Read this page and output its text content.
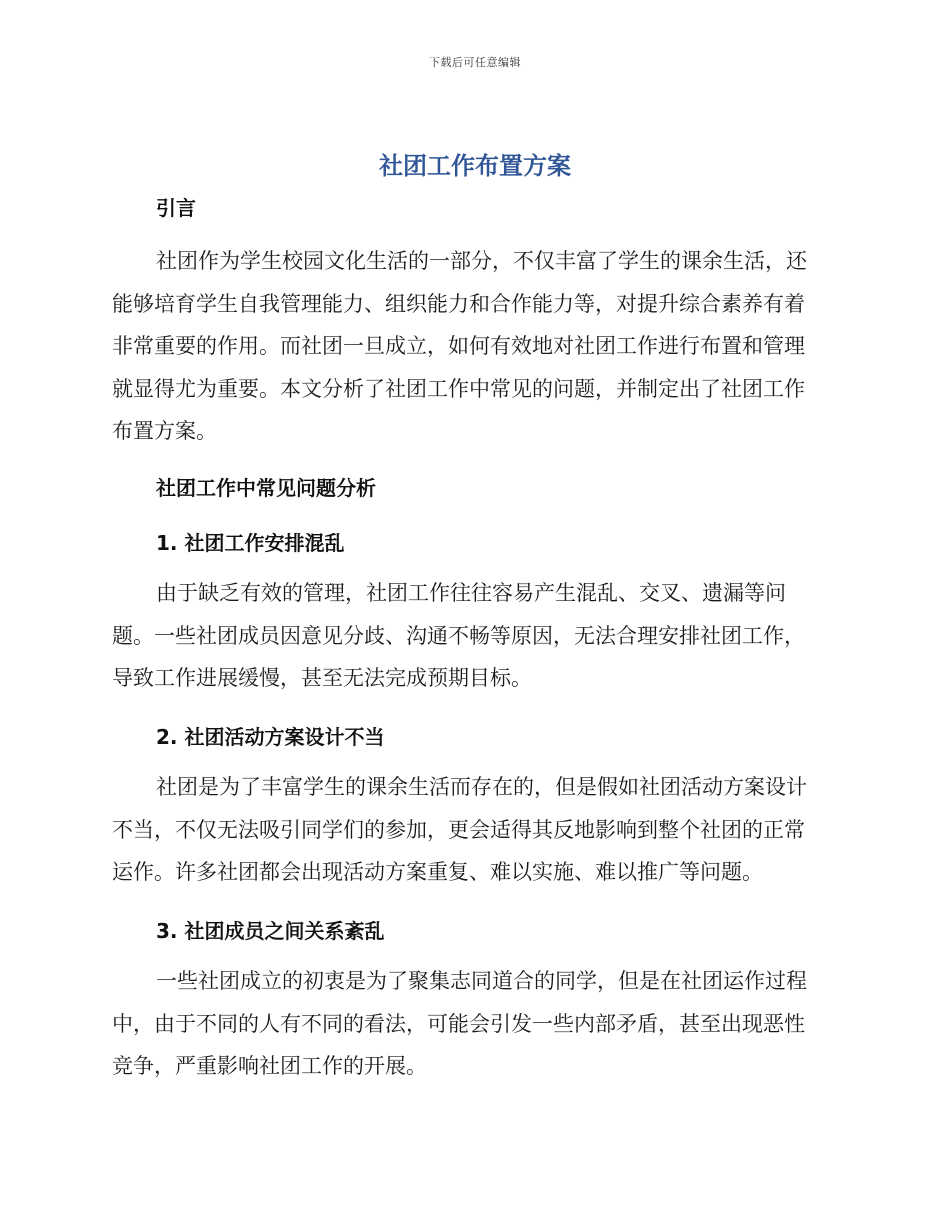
下载后可任意编辑
社团工作布置方案
引言
社团作为学生校园文化生活的一部分，不仅丰富了学生的课余生活，还
能够培育学生自我管理能力、组织能力和合作能力等，对提升综合素养有着
非常重要的作用。而社团一旦成立，如何有效地对社团工作进行布置和管理
就显得尤为重要。本文分析了社团工作中常见的问题，并制定出了社团工作
布置方案。
社团工作中常见问题分析
1. 社团工作安排混乱
由于缺乏有效的管理，社团工作往往容易产生混乱、交叉、遗漏等问
题。一些社团成员因意见分歧、沟通不畅等原因，无法合理安排社团工作，
导致工作进展缓慢，甚至无法完成预期目标。
2. 社团活动方案设计不当
社团是为了丰富学生的课余生活而存在的，但是假如社团活动方案设计
不当，不仅无法吸引同学们的参加，更会适得其反地影响到整个社团的正常
运作。许多社团都会出现活动方案重复、难以实施、难以推广等问题。
3. 社团成员之间关系紊乱
一些社团成立的初衷是为了聚集志同道合的同学，但是在社团运作过程
中，由于不同的人有不同的看法，可能会引发一些内部矛盾，甚至出现恶性
竞争，严重影响社团工作的开展。
